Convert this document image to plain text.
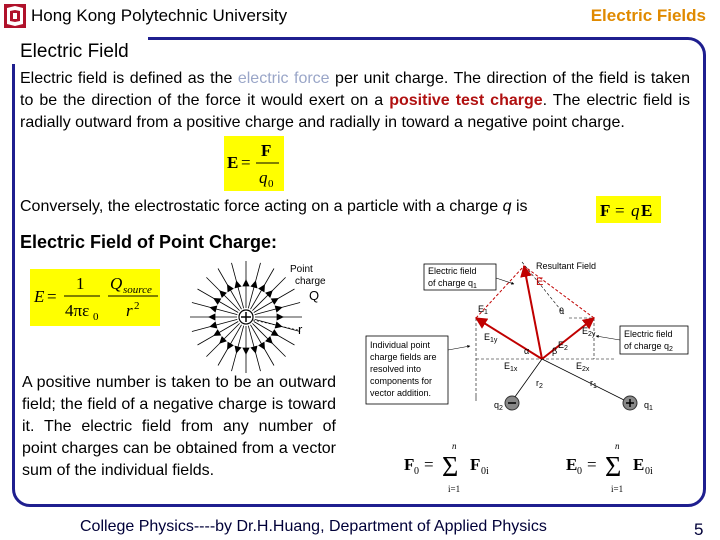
Hong Kong Polytechnic University	Electric Fields
Electric Field
Electric field is defined as the electric force per unit charge. The direction of the field is taken to be the direction of the force it would exert on a positive test charge. The electric field is radially outward from a positive charge and radially in toward a negative point charge.
E =
F
q 0
Conversely, the electrostatic force acting on a particle with a charge q is	F = q E
Electric Field of Point Charge:
E =
1
4πε 0
Q source
r 2
Point
charge
Q
r
Electric field
of charge $q_1$
Resultant Field
E
Electric field
of charge $q_2$
Individual point
charge fields are
resolved into
components for
vector addition.
θ
$E_{2y}$
$E_1$
$E_{1y}$	$E_2$
α	β
$E_{1x}$	$E_{2x}$
$r_2$	$r_1$
$q_2$	$q_1$
A positive number is taken to be an outward field; the field of a negative charge is toward it. The electric field from any number of point charges can be obtained from a vector sum of the individual fields.	F 0 =
n
Σ
i=1
F 0i	E 0 =
n
Σ
i=1
E 0i
College Physics----by Dr.H.Huang, Department of Applied Physics	5
